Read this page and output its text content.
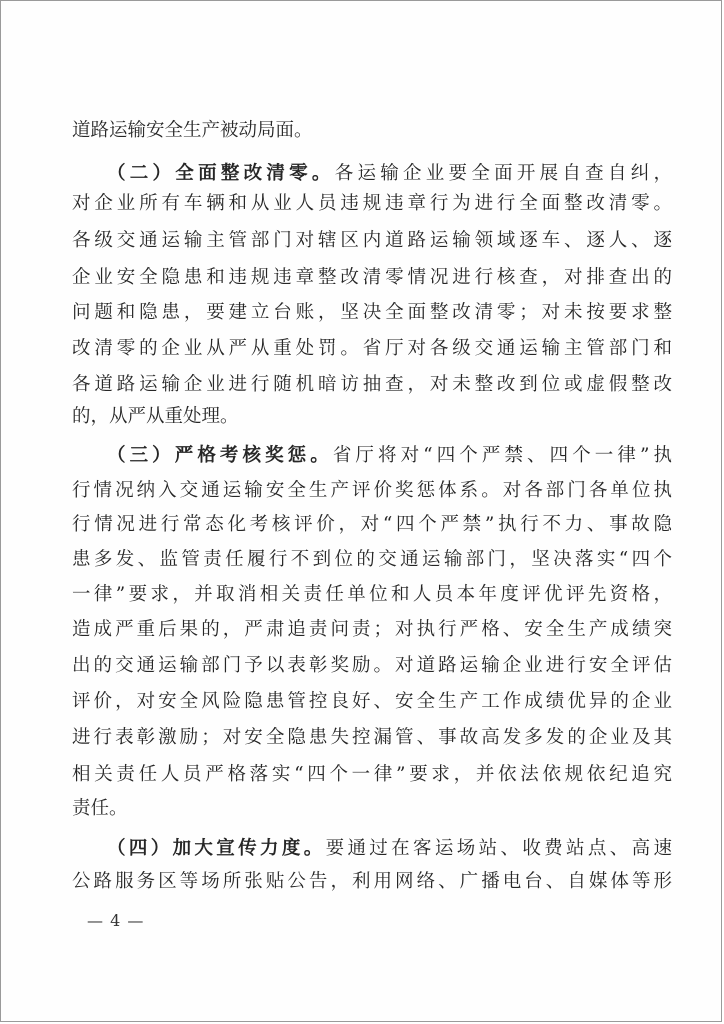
道路运输安全生产被动局面。
（二）全面整改清零。各运输企业要全面开展自查自纠，
对企业所有车辆和从业人员违规违章行为进行全面整改清零。
各级交通运输主管部门对辖区内道路运输领域逐车、逐人、逐
企业安全隐患和违规违章整改清零情况进行核查，对排查出的
问题和隐患，要建立台账，坚决全面整改清零；对未按要求整
改清零的企业从严从重处罚。省厅对各级交通运输主管部门和
各道路运输企业进行随机暗访抽查，对未整改到位或虚假整改
的，从严从重处理。
（三）严格考核奖惩。省厅将对“四个严禁、四个一律”执
行情况纳入交通运输安全生产评价奖惩体系。对各部门各单位执
行情况进行常态化考核评价，对“四个严禁”执行不力、事故隐
患多发、监管责任履行不到位的交通运输部门，坚决落实“四个
一律”要求，并取消相关责任单位和人员本年度评优评先资格，
造成严重后果的，严肃追责问责；对执行严格、安全生产成绩突
出的交通运输部门予以表彰奖励。对道路运输企业进行安全评估
评价，对安全风险隐患管控良好、安全生产工作成绩优异的企业
进行表彰激励；对安全隐患失控漏管、事故高发多发的企业及其
相关责任人员严格落实“四个一律”要求，并依法依规依纪追究
责任。
（四）加大宣传力度。要通过在客运场站、收费站点、高速
公路服务区等场所张贴公告，利用网络、广播电台、自媒体等形
— 4 —
